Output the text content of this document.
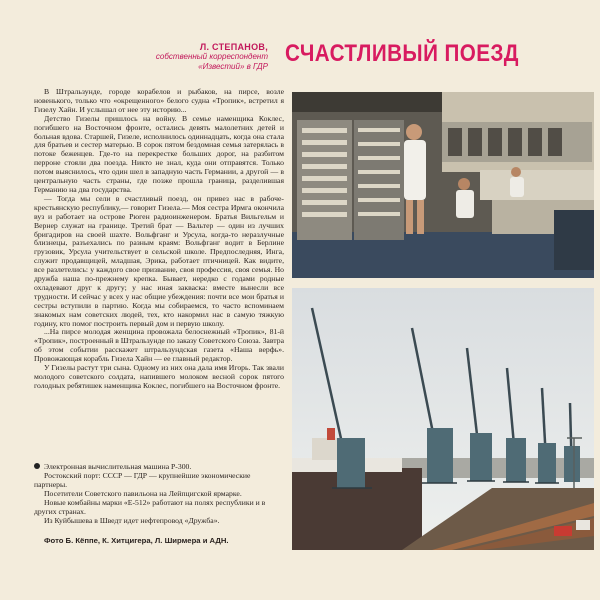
Л. СТЕПАНОВ,
собственный корреспондент
«Известий» в ГДР СЧАСТЛИВЫЙ ПОЕЗД

В Штральзунде, городе корабелов и рыбаков, на пирсе, возле новенького, только что «окрещенного» белого судна «Тропик», встретил я Гизелу Хайн. И услышал от нее эту историю...

Детство Гизелы пришлось на войну. В семье наменщика Коклес, погибшего на Восточном фронте, остались девять малолетних детей и больная вдова. Старшей, Гизеле, исполнилось одиннадцать, когда она стала для братьев и сестер матерью. В сорок пятом бездомная семья затерялась в потоке беженцев. Где-то на перекрестке больших дорог, на разбитом перроне стояли два поезда. Никто не знал, куда они отправятся. Только потом выяснилось, что один шел в западную часть Германии, а другой — в центральную часть страны, где позже прошла граница, разделившая Германию на два государства.

— Тогда мы сели в счастливый поезд, он привез нас в рабоче-крестьянскую республику,— говорит Гизела.— Моя сестра Ирмга окончила вуз и работает на острове Рюген радиоинженером. Братья Вильгельм и Вернер служат на границе. Третий брат — Вальтер — один из лучших бригадиров на своей шахте. Вольфганг и Урсула, когда-то неразлучные близнецы, разъехались по разным краям: Вольфганг водит в Берлине грузовик, Урсула учительствует в сельской школе. Предпоследняя, Инга, служит продавщицей, младшая, Эрика, работает птичницей. Как видите, все разлетелись: у каждого свое призвание, своя профессия, своя семья. Но дружба наша по-прежнему крепка. Бывает, нередко с годами родные охладевают друг к другу; у нас иная закваска: вместе вынесли все трудности. И сейчас у всех у нас общие убеждения: почти все мои братья и сестры вступили в партию. Когда мы собираемся, то часто вспоминаем знакомых нам советских людей, тех, кто накормил нас в самую тяжкую годину, кто помог построить первый дом и первую школу.

...На пирсе молодая женщина провожала белоснежный «Тропик», 81-й «Тропик», построенный в Штральзунде по заказу Советского Союза. Завтра об этом событии расскажет штральзундская газета «Наша верфь». Провожающая корабль Гизела Хайн — ее главный редактор.

У Гизелы растут три сына. Одному из них она дала имя Игорь. Так звали молодого советского солдата, напившего молоком весной сорок пятого голодных ребятишек наменщика Коклес, погибшего на Восточном фронте.

Электронная вычислительная машина Р-300.

Ростокский порт: СССР — ГДР — крупнейшие экономические партнеры.

Посетители Советского павильона на Лейпцигской ярмарке.

Новые комбайны марки «Е-512» работают на полях республики и в других странах.

Из Куйбышева в Шведт идет нефтепровод «Дружба».

Фото Б. Кёппе, К. Хитцигера, Л. Ширмера и АДН.
